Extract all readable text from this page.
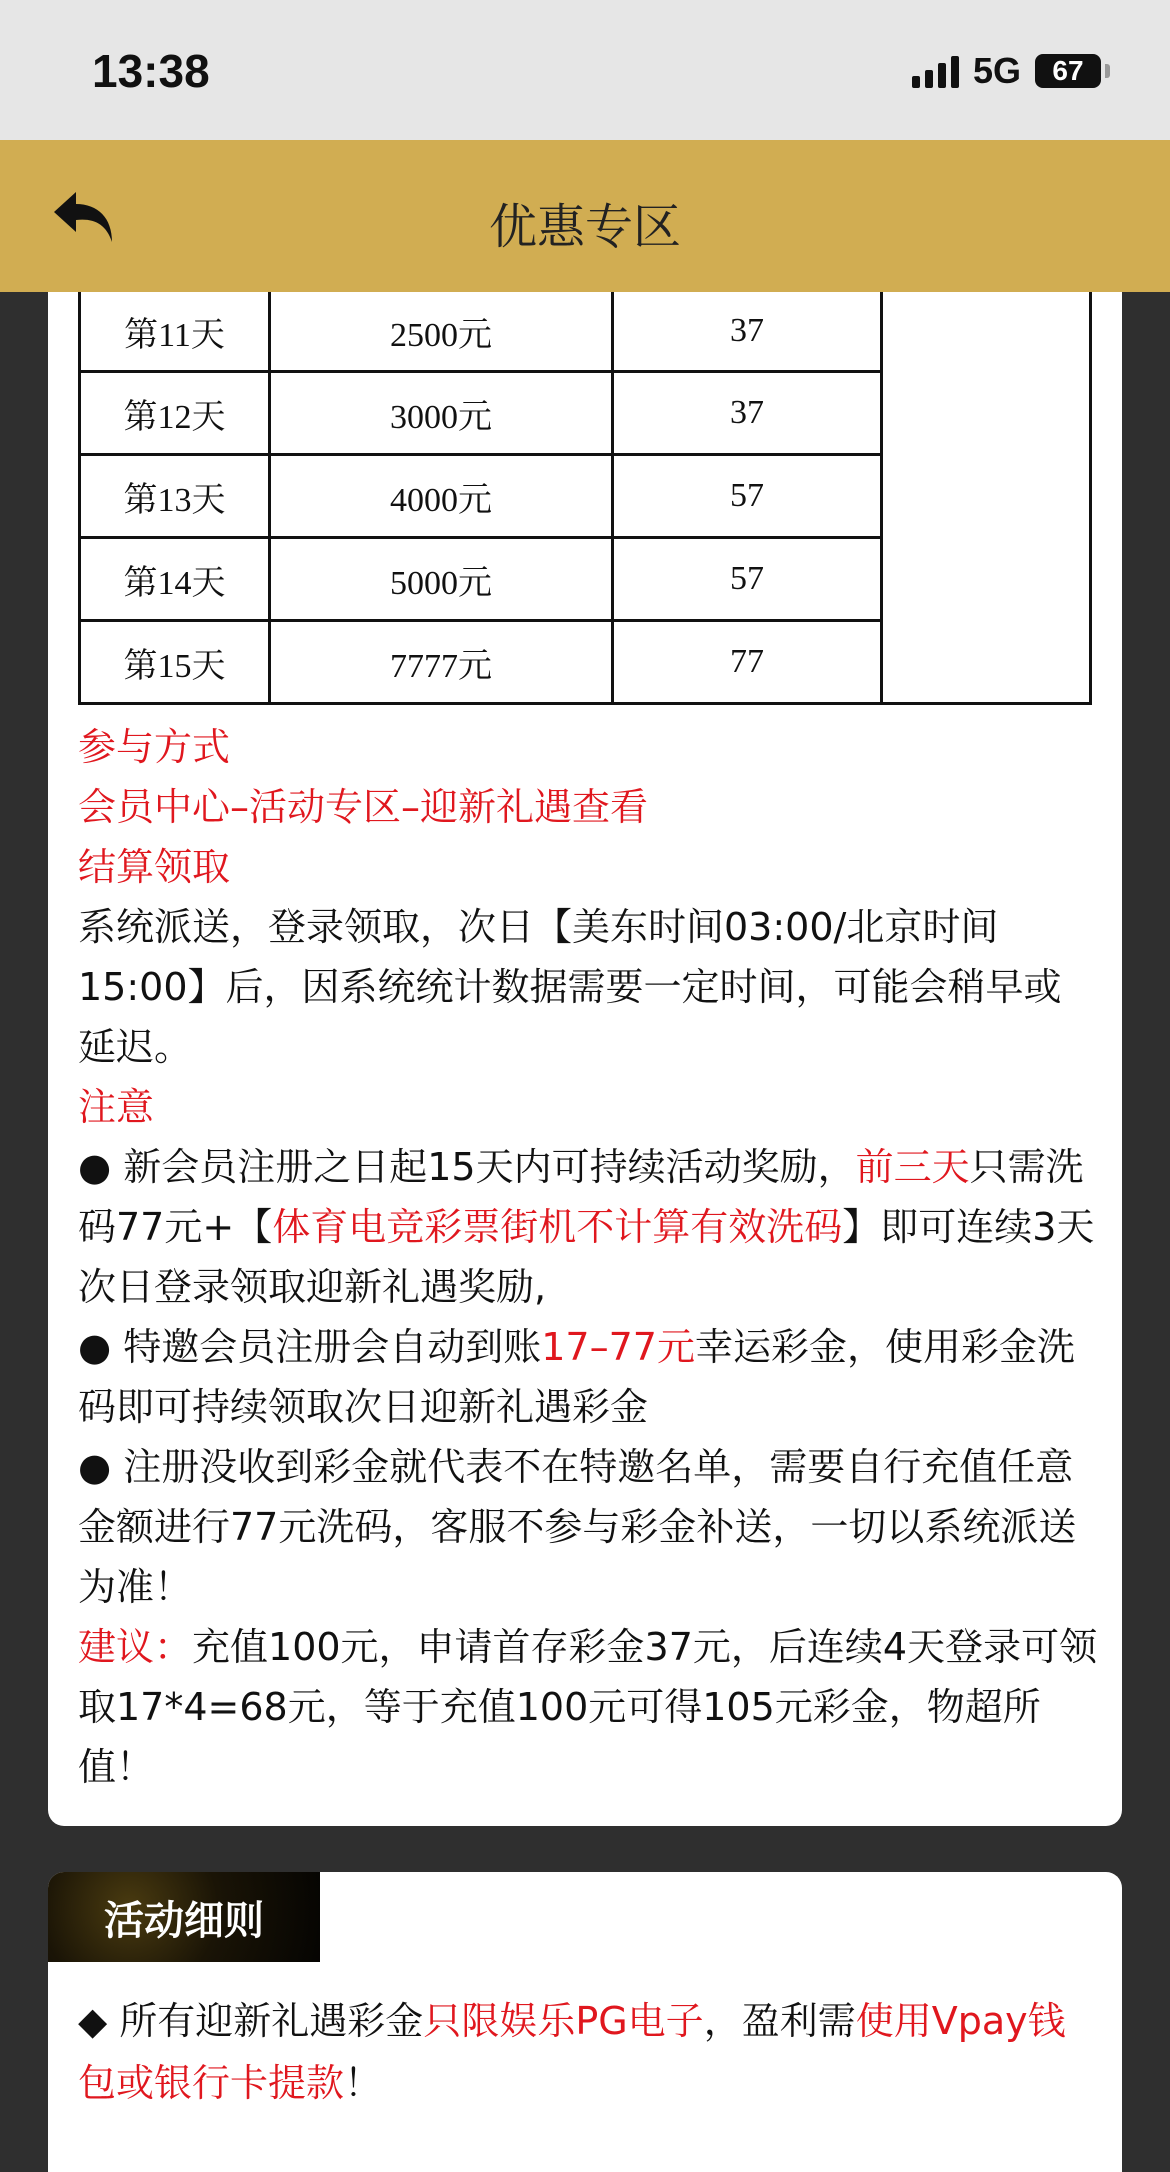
13:38	5G	67
优惠专区
第11天	2500元	37	
第12天	3000元	37	
第13天	4000元	57	
第14天	5000元	57	
第15天	7777元	77	
参与方式
会员中心–活动专区–迎新礼遇查看
结算领取
系统派送，登录领取，次日【美东时间03:00/北京时间15:00】后，因系统统计数据需要一定时间，可能会稍早或延迟。
注意
● 新会员注册之日起15天内可持续活动奖励，前三天只需洗码77元+【体育电竞彩票街机不计算有效洗码】即可连续3天次日登录领取迎新礼遇奖励,
● 特邀会员注册会自动到账17–77元幸运彩金，使用彩金洗码即可持续领取次日迎新礼遇彩金
● 注册没收到彩金就代表不在特邀名单，需要自行充值任意金额进行77元洗码，客服不参与彩金补送，一切以系统派送为准！
建议：充值100元，申请首存彩金37元，后连续4天登录可领取17*4=68元，等于充值100元可得105元彩金，物超所值！
活动细则
◆ 所有迎新礼遇彩金只限娱乐PG电子，盈利需使用Vpay钱包或银行卡提款！
